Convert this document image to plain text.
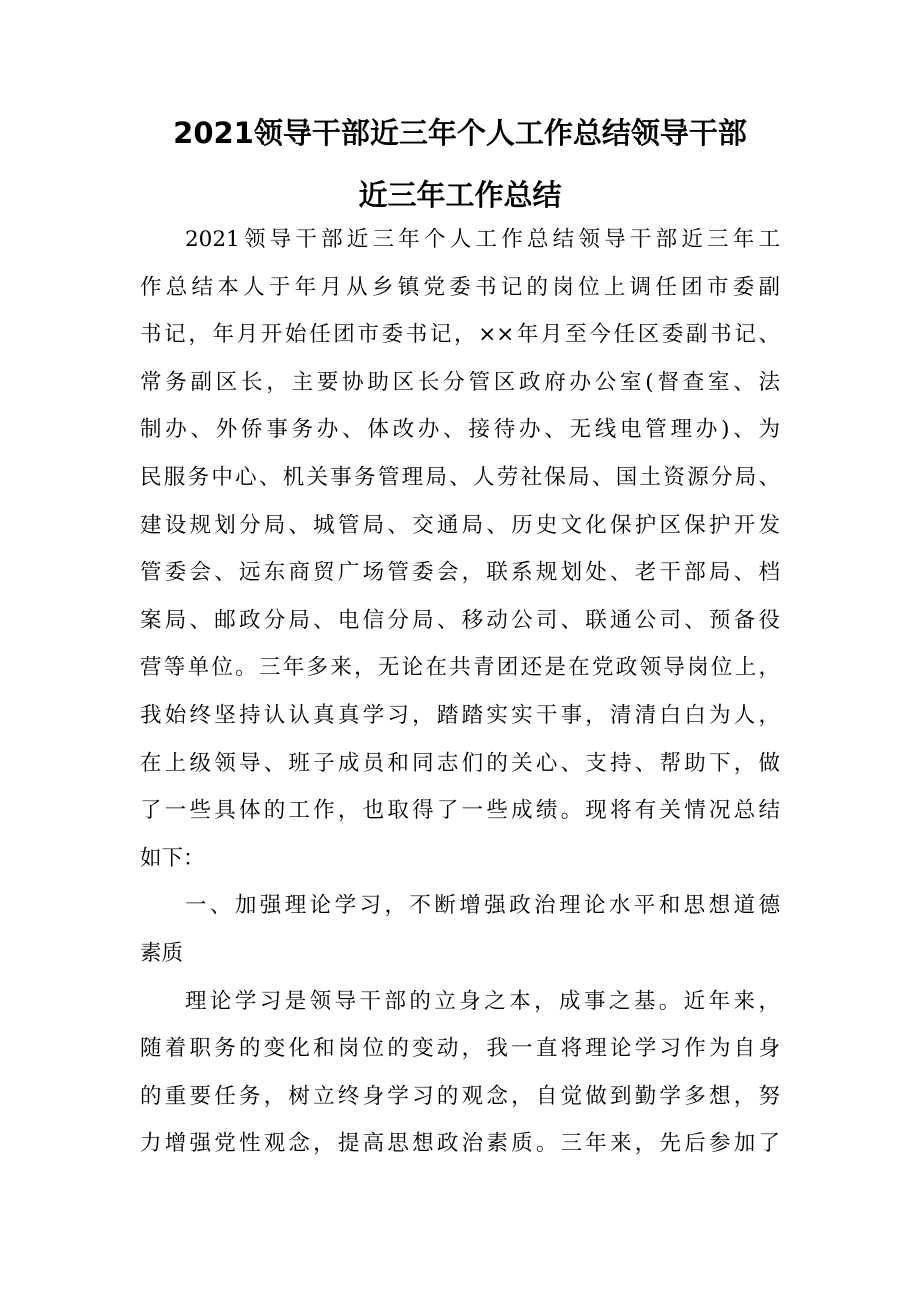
2021领导干部近三年个人工作总结领导干部
近三年工作总结
2021领导干部近三年个人工作总结领导干部近三年工
作总结本人于年月从乡镇党委书记的岗位上调任团市委副
书记，年月开始任团市委书记，××年月至今任区委副书记、
常务副区长，主要协助区长分管区政府办公室(督查室、法
制办、外侨事务办、体改办、接待办、无线电管理办)、为
民服务中心、机关事务管理局、人劳社保局、国土资源分局、
建设规划分局、城管局、交通局、历史文化保护区保护开发
管委会、远东商贸广场管委会，联系规划处、老干部局、档
案局、邮政分局、电信分局、移动公司、联通公司、预备役
营等单位。三年多来，无论在共青团还是在党政领导岗位上，
我始终坚持认认真真学习，踏踏实实干事，清清白白为人，
在上级领导、班子成员和同志们的关心、支持、帮助下，做
了一些具体的工作，也取得了一些成绩。现将有关情况总结
如下：
一、加强理论学习，不断增强政治理论水平和思想道德
素质
理论学习是领导干部的立身之本，成事之基。近年来，
随着职务的变化和岗位的变动，我一直将理论学习作为自身
的重要任务，树立终身学习的观念，自觉做到勤学多想，努
力增强党性观念，提高思想政治素质。三年来，先后参加了
